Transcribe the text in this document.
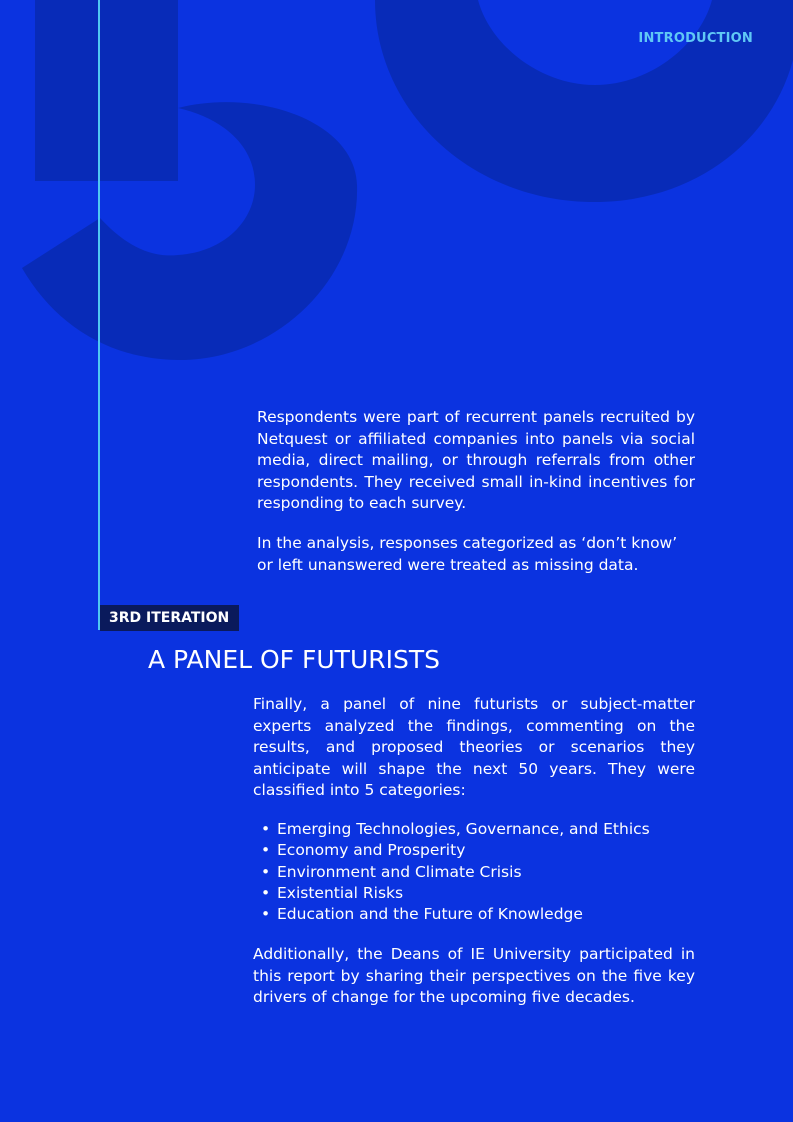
INTRODUCTION

Respondents were part of recurrent panels recruited by Netquest or affiliated companies into panels via social media, direct mailing, or through referrals from other respondents. They received small in-kind incentives for responding to each survey.

In the analysis, responses categorized as ‘don’t know’ or left unanswered were treated as missing data.

3RD ITERATION
A PANEL OF FUTURISTS

Finally, a panel of nine futurists or subject-matter experts analyzed the findings, commenting on the results, and proposed theories or scenarios they anticipate will shape the next 50 years. They were classified into 5 categories:

• Emerging Technologies, Governance, and Ethics
• Economy and Prosperity
• Environment and Climate Crisis
• Existential Risks
• Education and the Future of Knowledge

Additionally, the Deans of IE University participated in this report by sharing their perspectives on the five key drivers of change for the upcoming five decades.
